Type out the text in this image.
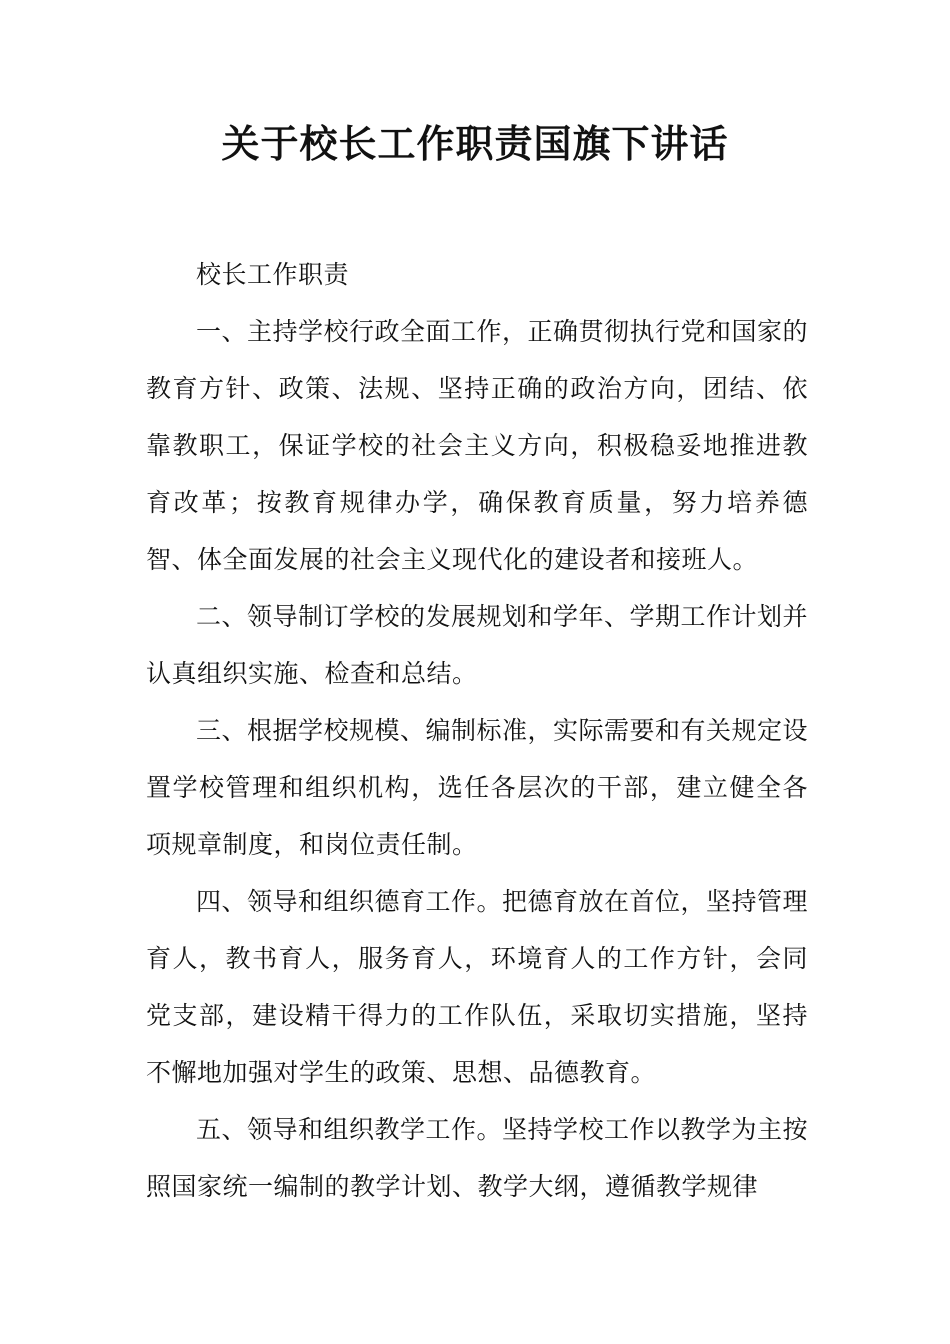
关于校长工作职责国旗下讲话

校长工作职责

一、主持学校行政全面工作，正确贯彻执行党和国家的教育方针、政策、法规、坚持正确的政治方向，团结、依靠教职工，保证学校的社会主义方向，积极稳妥地推进教育改革；按教育规律办学，确保教育质量，努力培养德智、体全面发展的社会主义现代化的建设者和接班人。

二、领导制订学校的发展规划和学年、学期工作计划并认真组织实施、检查和总结。

三、根据学校规模、编制标准，实际需要和有关规定设置学校管理和组织机构，选任各层次的干部，建立健全各项规章制度，和岗位责任制。

四、领导和组织德育工作。把德育放在首位，坚持管理育人，教书育人，服务育人，环境育人的工作方针，会同党支部，建设精干得力的工作队伍，采取切实措施，坚持不懈地加强对学生的政策、思想、品德教育。

五、领导和组织教学工作。坚持学校工作以教学为主按照国家统一编制的教学计划、教学大纲，遵循教学规律
